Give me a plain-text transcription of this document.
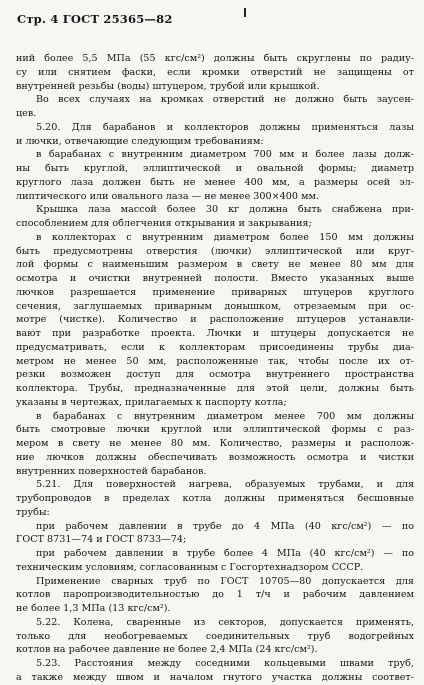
Стр. 4 ГОСТ 25365—82
ний более 5,5 МПа (55 кгс/см²) должны быть скруглены по радиу-
су или снятием фаски, если кромки отверстий не защищены от
внутренней резьбы (воды) штуцером, трубой или крышкой.
Во всех случаях на кромках отверстий не должно быть заусен-
цев.
5.20. Для барабанов и коллекторов должны применяться лазы
и лючки, отвечающие следующим требованиям:
в барабанах с внутренним диаметром 700 мм и более лазы долж-
ны быть круглой, эллиптической и овальной формы; диаметр
круглого лаза должен быть не менее 400 мм, а размеры осей эл-
липтического или овального лаза — не менее 300×400 мм.
Крышка лаза массой более 30 кг должна быть снабжена при-
способлением для облегчения открывания и закрывания;
в коллекторах с внутренним диаметром более 150 мм должны
быть предусмотрены отверстия (лючки) эллиптической или круг-
лой формы с наименьшим размером в свету не менее 80 мм для
осмотра и очистки внутренней полости. Вместо указанных выше
лючков разрешается применение приварных штуцеров круглого
сечения, заглушаемых приварным донышком, отрезаемым при ос-
мотре (чистке). Количество и расположение штуцеров устанавли-
вают при разработке проекта. Лючки и штуцеры допускается не
предусматривать, если к коллекторам присоединены трубы диа-
метром не менее 50 мм, расположенные так, чтобы после их от-
резки возможен доступ для осмотра внутреннего пространства
коллектора. Трубы, предназначенные для этой цели, должны быть
указаны в чертежах, прилагаемых к паспорту котла;
в барабанах с внутренним диаметром менее 700 мм должны
быть смотровые лючки круглой или эллиптической формы с раз-
мером в свету не менее 80 мм. Количество, размеры и располож-
ние лючков должны обеспечивать возможность осмотра и чистки
внутренних поверхностей барабанов.
5.21. Для поверхностей нагрева, образуемых трубами, и для
трубопроводов в пределах котла должны применяться бесшовные
трубы:
при рабочем давлении в трубе до 4 МПа (40 кгс/см²) — по
ГОСТ 8731—74 и ГОСТ 8733—74;
при рабочем давлении в трубе более 4 МПа (40 кгс/см²) — по
техническим условиям, согласованным с Госгортехнадзором СССР.
Применение сварных труб по ГОСТ 10705—80 допускается для
котлов паропроизводительностью до 1 т/ч и рабочим давлением
не более 1,3 МПа (13 кгс/см²).
5.22. Колена, сваренные из секторов, допускается применять,
только для необогреваемых соединительных труб водогрейных
котлов на рабочее давление не более 2,4 МПа (24 кгс/см²).
5.23. Расстояния между соседними кольцевыми швами труб,
а также между швом и началом гнутого участка должны соответ-
